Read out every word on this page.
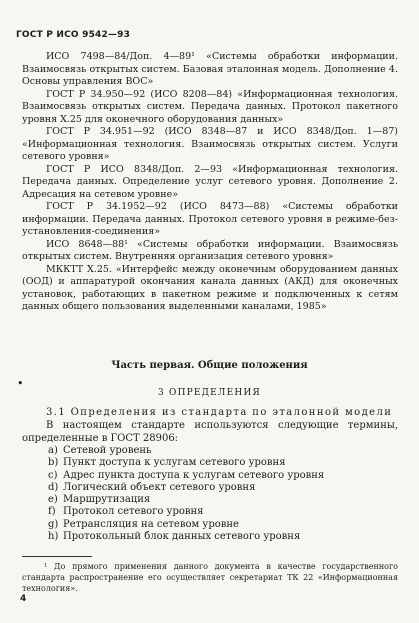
ГОСТ Р ИСО 9542—93

ИСО 7498—84/Доп. 4—89¹ «Системы обработки информации. Взаимосвязь открытых систем. Базовая эталонная модель. Дополнение 4. Основы управления ВОС»

ГОСТ Р 34.950—92 (ИСО 8208—84) «Информационная технология. Взаимосвязь открытых систем. Передача данных. Протокол пакетного уровня Х.25 для оконечного оборудования данных»

ГОСТ Р 34.951—92 (ИСО 8348—87 и ИСО 8348/Доп. 1—87) «Информационная технология. Взаимосвязь открытых систем. Услуги сетевого уровня»

ГОСТ Р ИСО 8348/Доп. 2—93 «Информационная технология. Передача данных. Определение услуг сетевого уровня. Дополнение 2. Адресация на сетевом уровне»

ГОСТ Р 34.1952—92 (ИСО 8473—88) «Системы обработки информации. Передача данных. Протокол сетевого уровня в режиме-без-установления-соединения»

ИСО 8648—88¹ «Системы обработки информации. Взаимосвязь открытых систем. Внутренняя организация сетевого уровня»

МККТТ Х.25. «Интерфейс между оконечным оборудованием данных (ООД) и аппаратурой окончания канала данных (АКД) для оконечных установок, работающих в пакетном режиме и подключенных к сетям данных общего пользования выделенными каналами, 1985»

Часть первая. Общие положения
•
3 ОПРЕДЕЛЕНИЯ

3.1 Определения из стандарта по эталонной модели

В настоящем стандарте используются следующие термины, определенные в ГОСТ 28906:

a) Сетевой уровень
b) Пункт доступа к услугам сетевого уровня
c) Адрес пункта доступа к услугам сетевого уровня
d) Логический объект сетевого уровня
e) Маршрутизация
f) Протокол сетевого уровня
g) Ретрансляция на сетевом уровне
h) Протокольный блок данных сетевого уровня

¹ До прямого применения данного документа в качестве государственного стандарта распространение его осуществляет секретариат ТК 22 «Информационная технология».

4
